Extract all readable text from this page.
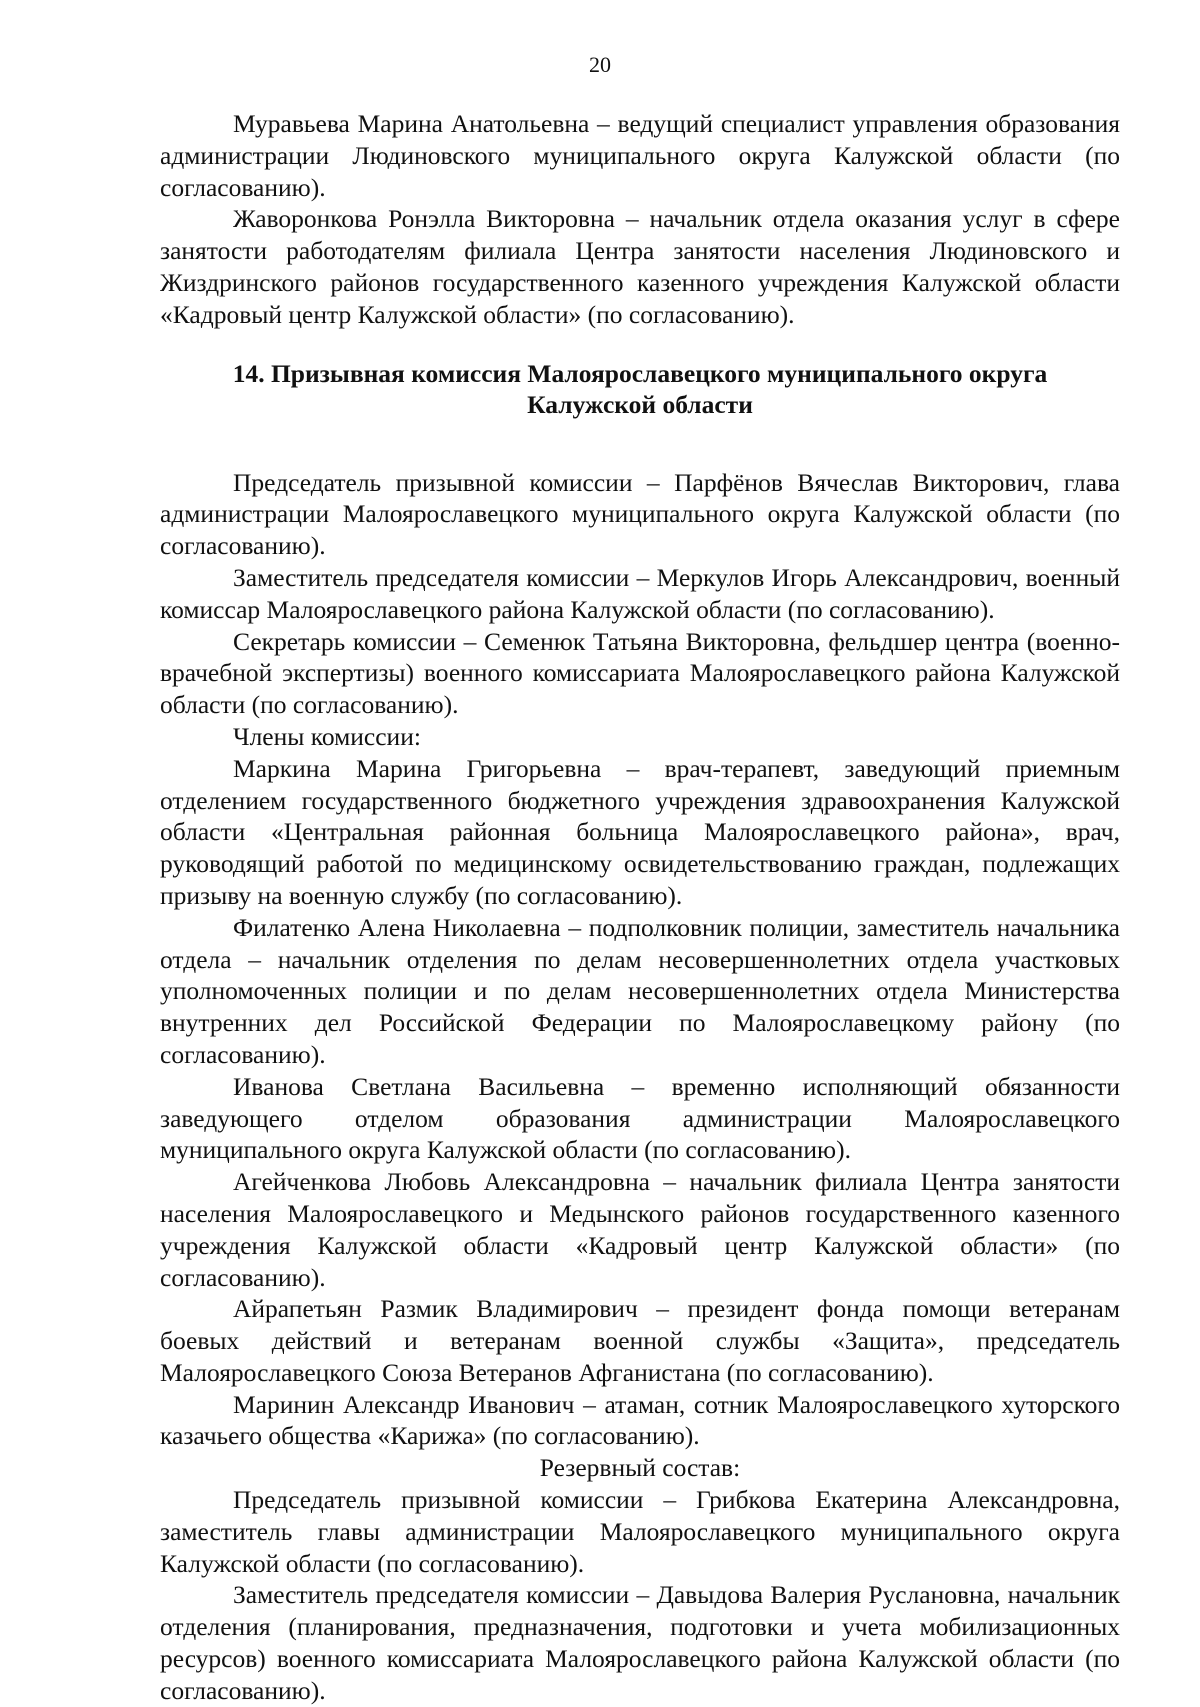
20

Муравьева Марина Анатольевна – ведущий специалист управления образования администрации Людиновского муниципального округа Калужской области (по согласованию).

Жаворонкова Ронэлла Викторовна – начальник отдела оказания услуг в сфере занятости работодателям филиала Центра занятости населения Людиновского и Жиздринского районов государственного казенного учреждения Калужской области «Кадровый центр Калужской области» (по согласованию).

14. Призывная комиссия Малоярославецкого муниципального округа
Калужской области

Председатель призывной комиссии – Парфёнов Вячеслав Викторович, глава администрации Малоярославецкого муниципального округа Калужской области (по согласованию).

Заместитель председателя комиссии – Меркулов Игорь Александрович, военный комиссар Малоярославецкого района Калужской области (по согласованию).

Секретарь комиссии – Семенюк Татьяна Викторовна, фельдшер центра (военно-врачебной экспертизы) военного комиссариата Малоярославецкого района Калужской области (по согласованию).

Члены комиссии:

Маркина Марина Григорьевна – врач-терапевт, заведующий приемным отделением государственного бюджетного учреждения здравоохранения Калужской области «Центральная районная больница Малоярославецкого района», врач, руководящий работой по медицинскому освидетельствованию граждан, подлежащих призыву на военную службу (по согласованию).

Филатенко Алена Николаевна – подполковник полиции, заместитель начальника отдела – начальник отделения по делам несовершеннолетних отдела участковых уполномоченных полиции и по делам несовершеннолетних отдела Министерства внутренних дел Российской Федерации по Малоярославецкому району (по согласованию).

Иванова Светлана Васильевна – временно исполняющий обязанности заведующего отделом образования администрации Малоярославецкого муниципального округа Калужской области (по согласованию).

Агейченкова Любовь Александровна – начальник филиала Центра занятости населения Малоярославецкого и Медынского районов государственного казенного учреждения Калужской области «Кадровый центр Калужской области» (по согласованию).

Айрапетьян Размик Владимирович – президент фонда помощи ветеранам боевых действий и ветеранам военной службы «Защита», председатель Малоярославецкого Союза Ветеранов Афганистана (по согласованию).

Маринин Александр Иванович – атаман, сотник Малоярославецкого хуторского казачьего общества «Карижа» (по согласованию).

Резервный состав:

Председатель призывной комиссии – Грибкова Екатерина Александровна, заместитель главы администрации Малоярославецкого муниципального округа Калужской области (по согласованию).

Заместитель председателя комиссии – Давыдова Валерия Руслановна, начальник отделения (планирования, предназначения, подготовки и учета мобилизационных ресурсов) военного комиссариата Малоярославецкого района Калужской области (по согласованию).
